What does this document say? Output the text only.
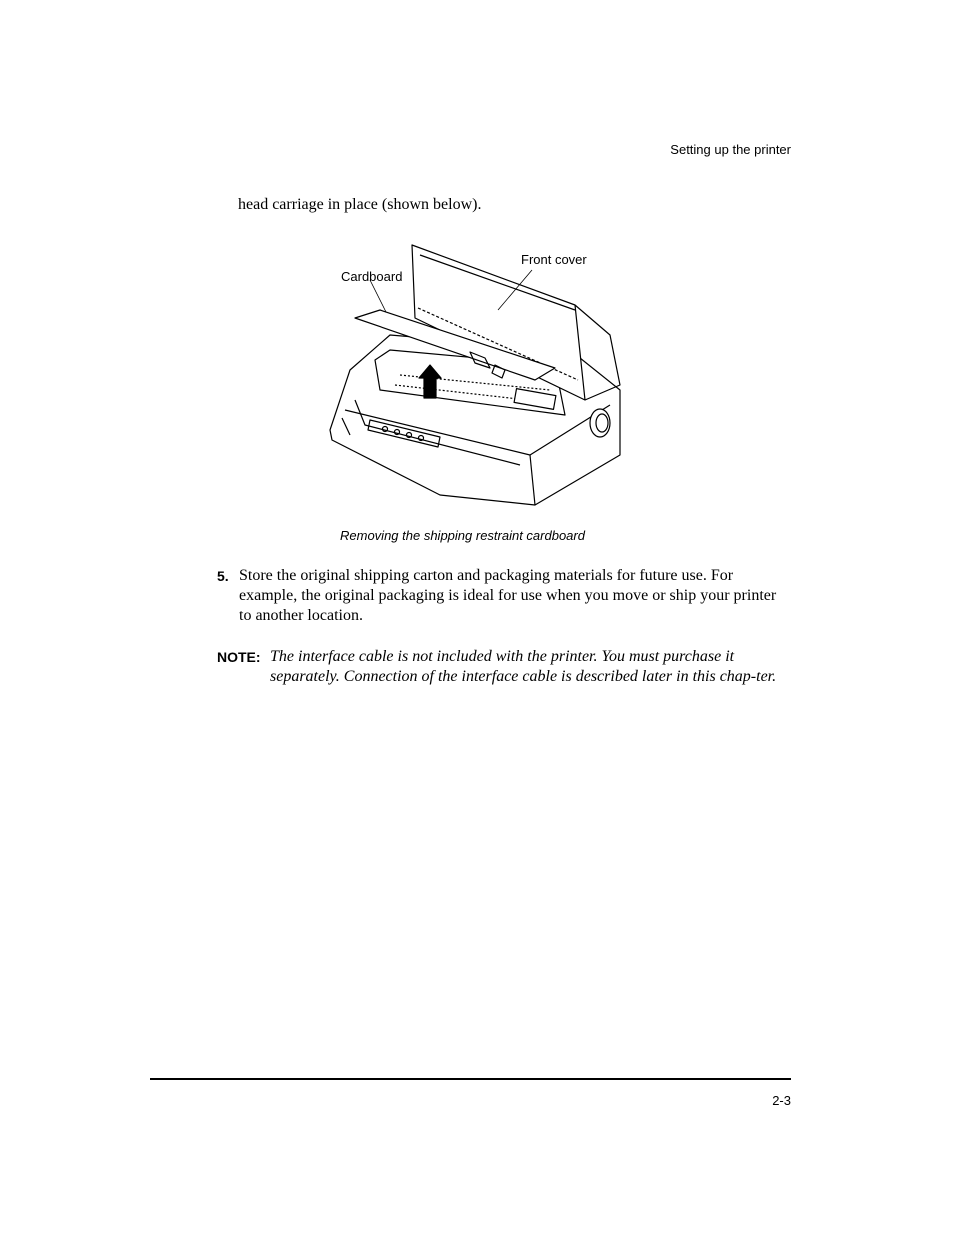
Setting up the printer
head carriage in place (shown below).
Cardboard
Front cover
Removing the shipping restraint cardboard
5. Store the original shipping carton and packaging materials for future use. For example, the original packaging is ideal for use when you move or ship your printer to another location.
NOTE: The interface cable is not included with the printer. You must purchase it separately. Connection of the interface cable is described later in this chap-ter.
2-3
